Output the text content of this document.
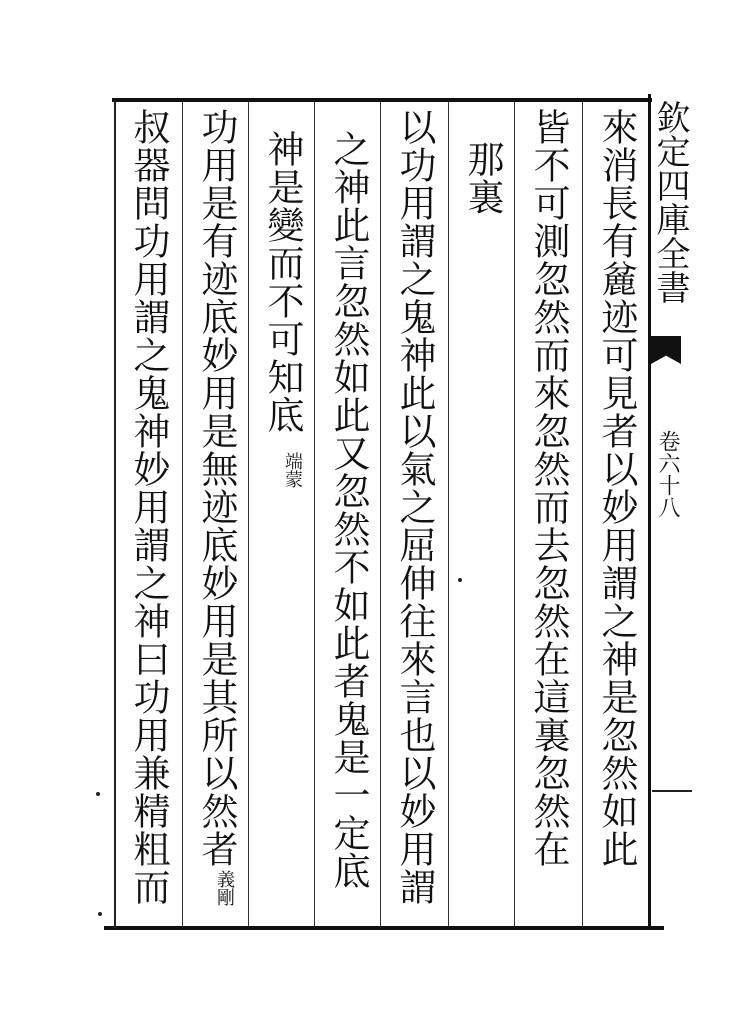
欽定四庫全書
卷六十八
來消長有麄迹可見者以妙用謂之神是忽然如此
皆不可測忽然而來忽然而去忽然在這裏忽然在
那裏
以功用謂之鬼神此以氣之屈伸往來言也以妙用謂
之神此言忽然如此又忽然不如此者鬼是一定底
神是變而不可知底
端蒙
功用是有迹底妙用是無迹底妙用是其所以然者
義剛
叔器問功用謂之鬼神妙用謂之神曰功用兼精粗而
